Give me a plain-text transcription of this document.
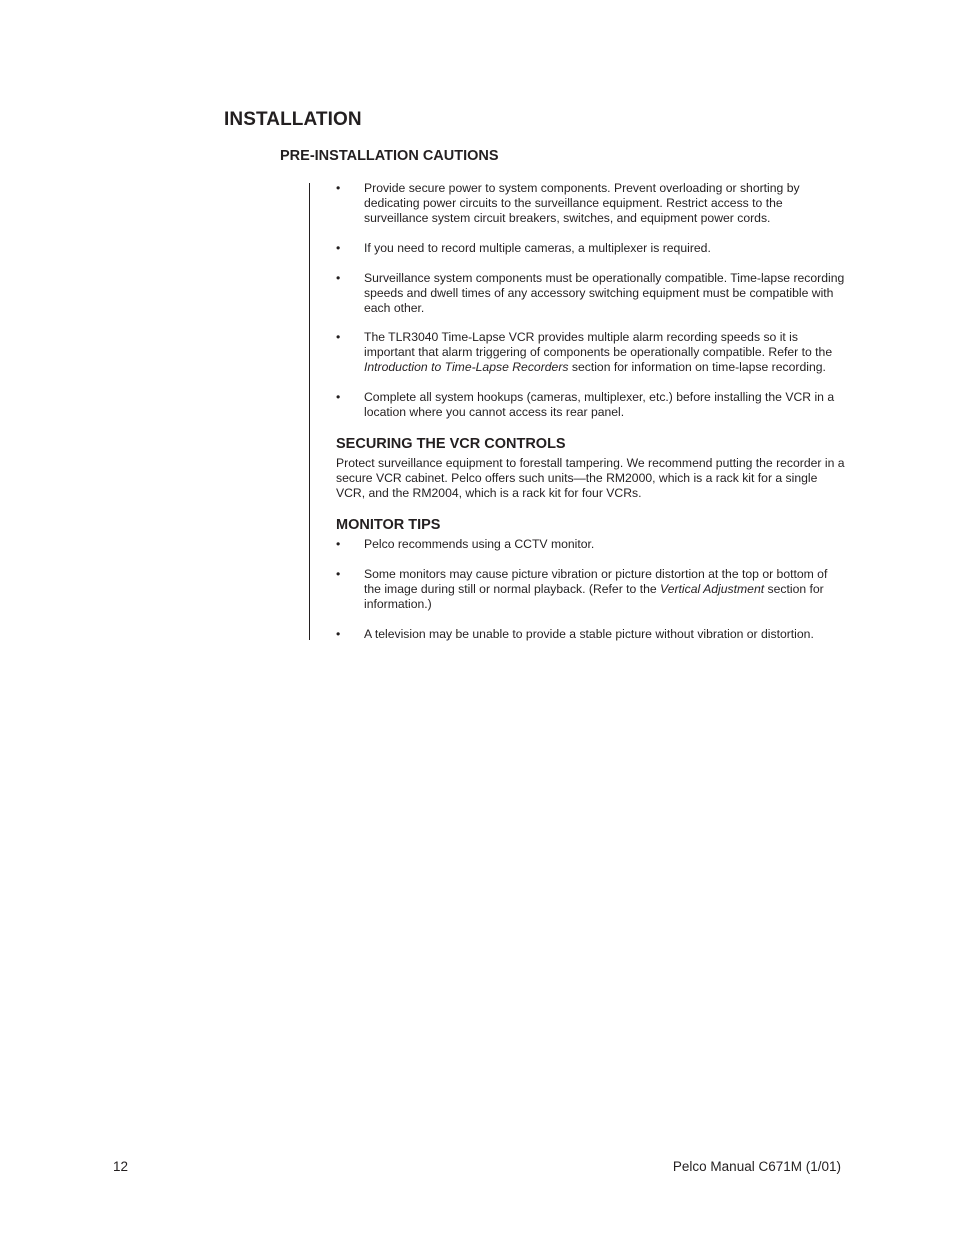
INSTALLATION
PRE-INSTALLATION CAUTIONS
• Provide secure power to system components. Prevent overloading or shorting by dedicating power circuits to the surveillance equipment. Restrict access to the surveillance system circuit breakers, switches, and equipment power cords.
• If you need to record multiple cameras, a multiplexer is required.
• Surveillance system components must be operationally compatible. Time-lapse recording speeds and dwell times of any accessory switching equipment must be compatible with each other.
• The TLR3040 Time-Lapse VCR provides multiple alarm recording speeds so it is important that alarm triggering of components be operationally compatible. Refer to the Introduction to Time-Lapse Recorders section for information on time-lapse recording.
• Complete all system hookups (cameras, multiplexer, etc.) before installing the VCR in a location where you cannot access its rear panel.
SECURING THE VCR CONTROLS

Protect surveillance equipment to forestall tampering. We recommend putting the recorder in a secure VCR cabinet. Pelco offers such units—the RM2000, which is a rack kit for a single VCR, and the RM2004, which is a rack kit for four VCRs.

MONITOR TIPS
• Pelco recommends using a CCTV monitor.
• Some monitors may cause picture vibration or picture distortion at the top or bottom of the image during still or normal playback. (Refer to the Vertical Adjustment section for information.)
• A television may be unable to provide a stable picture without vibration or distortion.
12	Pelco Manual C671M (1/01)
